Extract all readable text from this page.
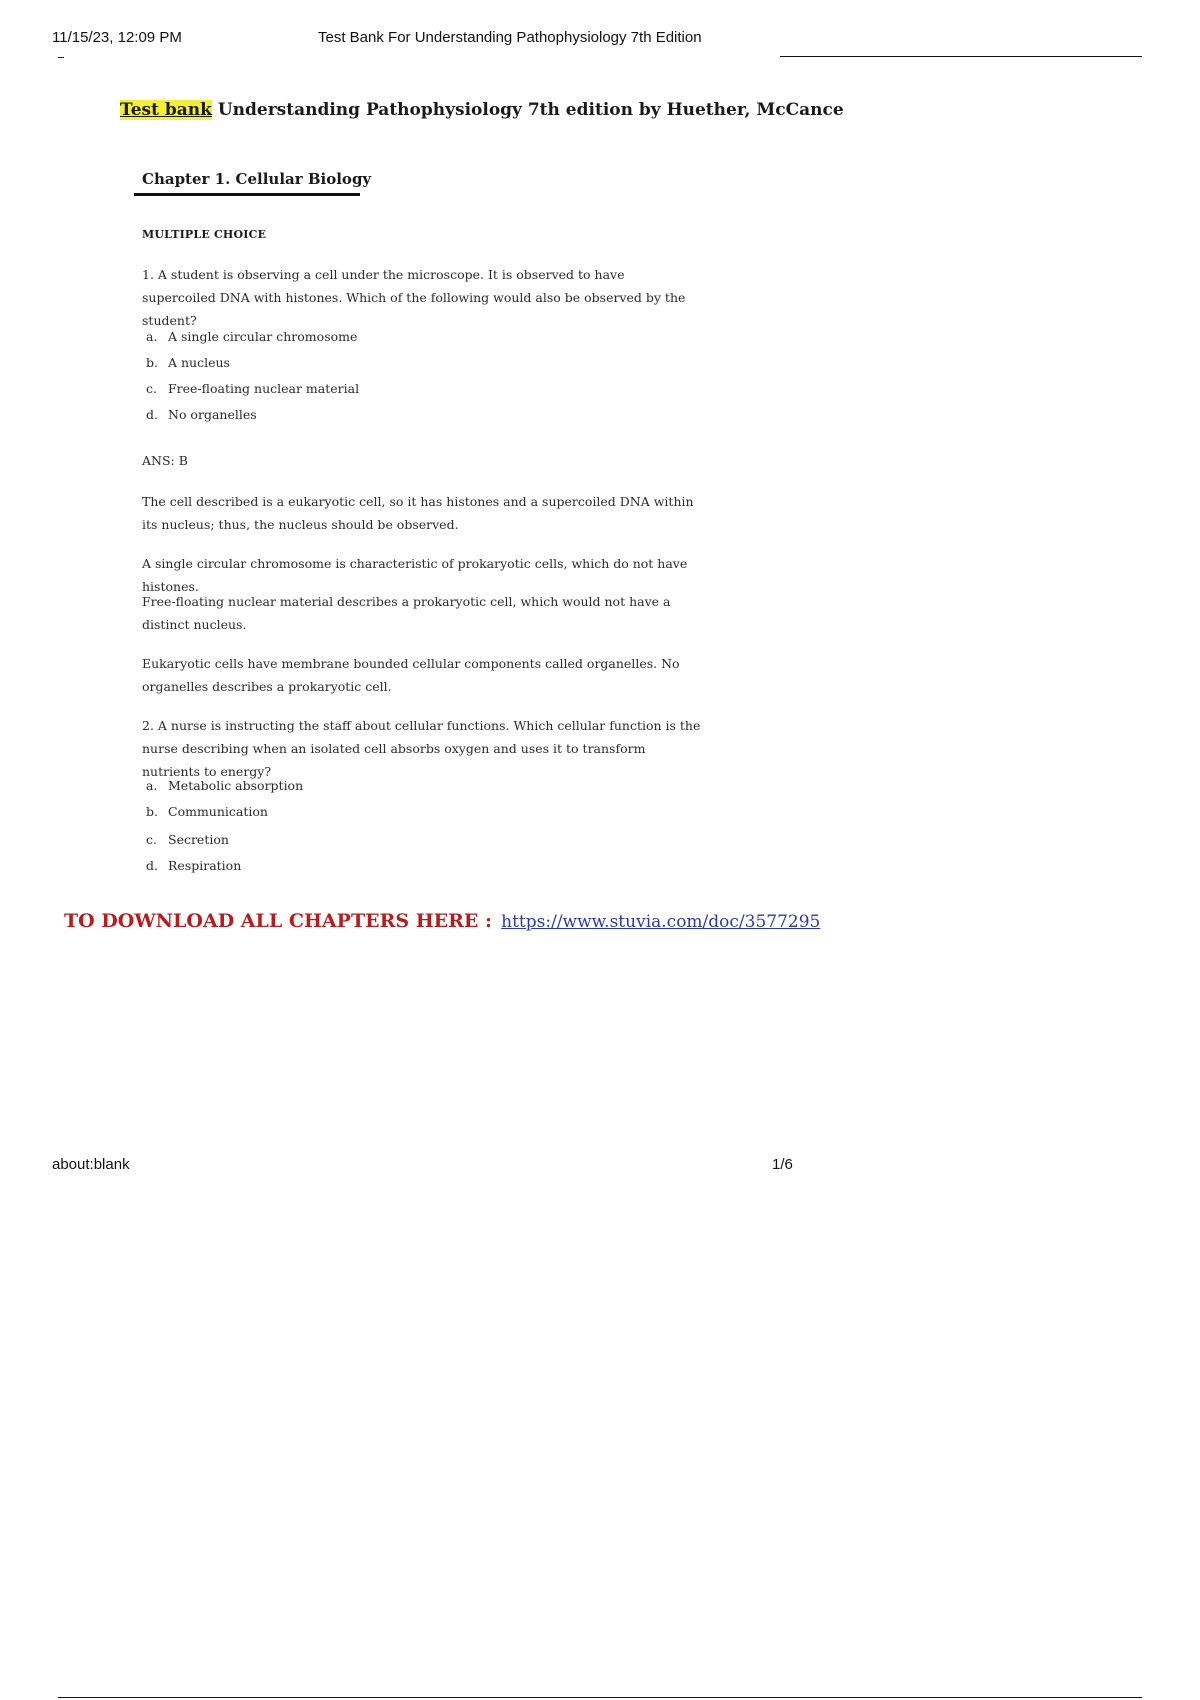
11/15/23, 12:09 PM	Test Bank For Understanding Pathophysiology 7th Edition
Test bank Understanding Pathophysiology 7th edition by Huether, McCance
Chapter 1. Cellular Biology
MULTIPLE CHOICE
1. A student is observing a cell under the microscope. It is observed to have supercoiled DNA with histones. Which of the following would also be observed by the student?
a. A single circular chromosome
b. A nucleus
c. Free-floating nuclear material
d. No organelles
ANS: B
The cell described is a eukaryotic cell, so it has histones and a supercoiled DNA within its nucleus; thus, the nucleus should be observed.
A single circular chromosome is characteristic of prokaryotic cells, which do not have histones.
Free-floating nuclear material describes a prokaryotic cell, which would not have a distinct nucleus.
Eukaryotic cells have membrane bounded cellular components called organelles. No organelles describes a prokaryotic cell.
2. A nurse is instructing the staff about cellular functions. Which cellular function is the nurse describing when an isolated cell absorbs oxygen and uses it to transform nutrients to energy?
a. Metabolic absorption
b. Communication
c. Secretion
d. Respiration
TO DOWNLOAD ALL CHAPTERS HERE : https://www.stuvia.com/doc/3577295
about:blank	1/6
